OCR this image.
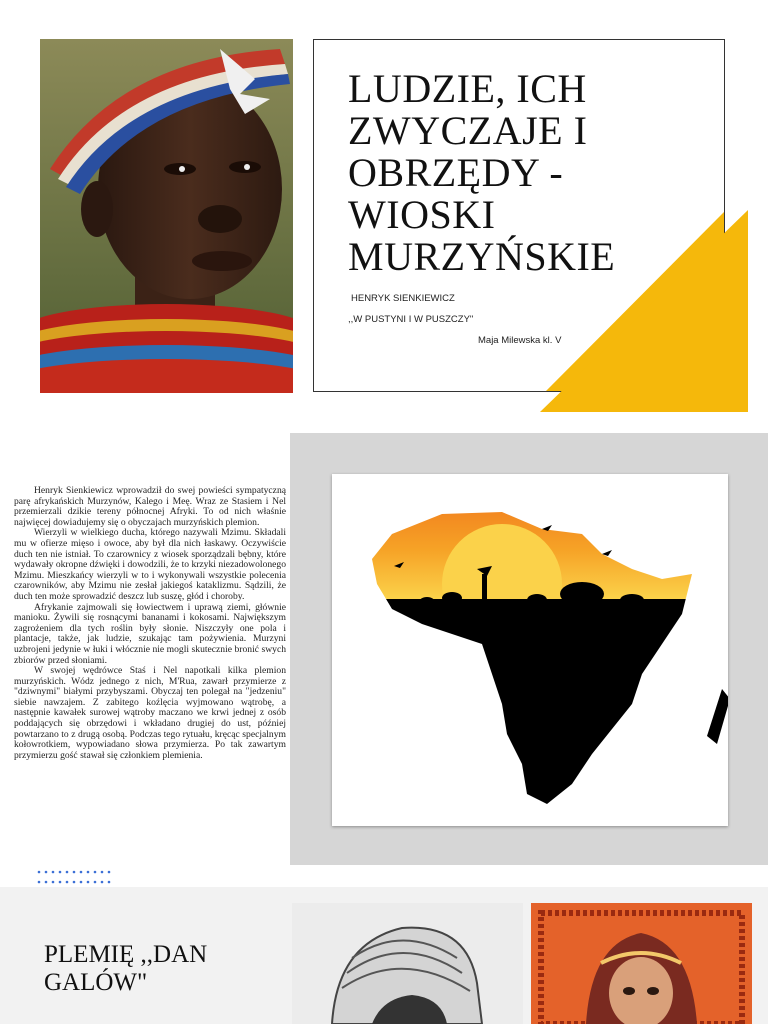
LUDZIE, ICH ZWYCZAJE I OBRZĘDY - WIOSKI MURZYŃSKIE
HENRYK SIENKIEWICZ
,,W PUSTYNI I W PUSZCZY"
Maja Milewska kl. V

Henryk Sienkiewicz wprowadził do swej powieści sympatyczną parę afrykańskich Murzynów, Kalego i Meę. Wraz ze Stasiem i Nel przemierzali dzikie tereny północnej Afryki. To od nich właśnie najwięcej dowiadujemy się o obyczajach murzyńskich plemion.

Wierzyli w wielkiego ducha, którego nazywali Mzimu. Składali mu w ofierze mięso i owoce, aby był dla nich łaskawy. Oczywiście duch ten nie istniał. To czarownicy z wiosek sporządzali bębny, które wydawały okropne dźwięki i dowodzili, że to krzyki niezadowolonego Mzimu. Mieszkańcy wierzyli w to i wykonywali wszystkie polecenia czarowników, aby Mzimu nie zesłał jakiegoś kataklizmu. Sądzili, że duch ten może sprowadzić deszcz lub suszę, głód i choroby.

Afrykanie zajmowali się łowiectwem i uprawą ziemi, głównie manioku. Żywili się rosnącymi bananami i kokosami. Największym zagrożeniem dla tych roślin były słonie. Niszczyły one pola i plantacje, także, jak ludzie, szukając tam pożywienia. Murzyni uzbrojeni jedynie w łuki i włócznie nie mogli skutecznie bronić swych zbiorów przed słoniami.

W swojej wędrówce Staś i Nel napotkali kilka plemion murzyńskich. Wódz jednego z nich, M'Rua, zawarł przymierze z "dziwnymi" białymi przybyszami. Obyczaj ten polegał na "jedzeniu" siebie nawzajem. Z zabitego koźlęcia wyjmowano wątrobę, a następnie kawałek surowej wątroby maczano we krwi jednej z osób poddających się obrzędowi i wkładano drugiej do ust, później powtarzano to z drugą osobą. Podczas tego rytuału, kręcąc specjalnym kołowrotkiem, wypowiadano słowa przymierza. Po tak zawartym przymierzu gość stawał się członkiem plemienia.

PLEMIĘ ,,DAN GALÓW"
